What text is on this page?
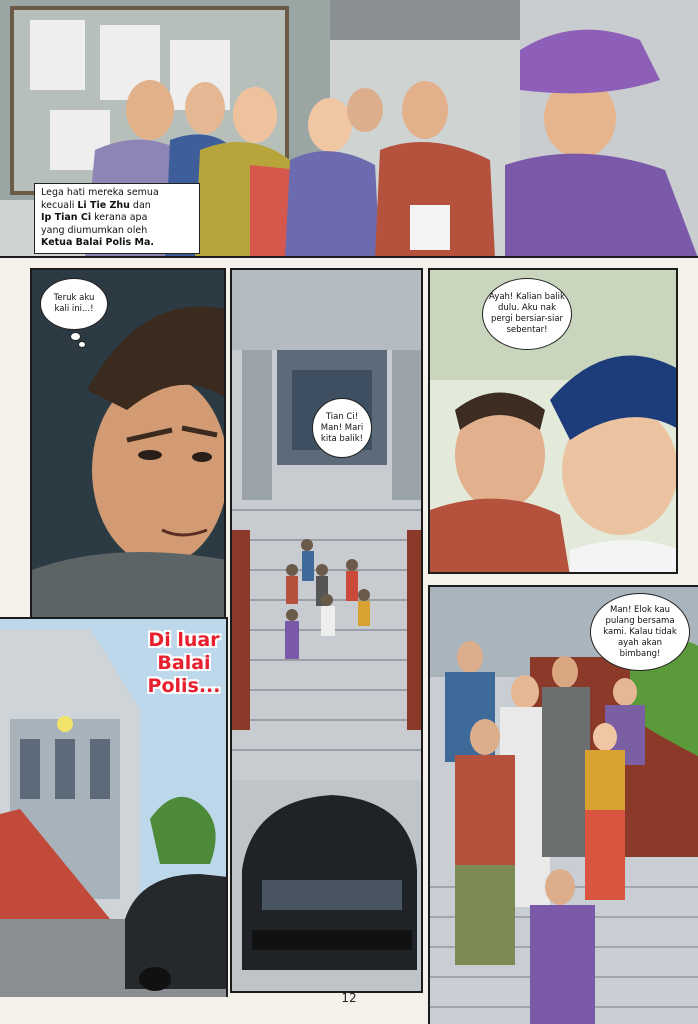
Lega hati mereka semua
kecuali Li Tie Zhu dan
Ip Tian Ci kerana apa
yang diumumkan oleh
Ketua Balai Polis Ma.
Teruk aku kali ini...!
Tian Ci! Man! Mari kita balik!
Ayah! Kalian balik dulu. Aku nak pergi bersiar-siar sebentar!
Di luar
Balai
Polis...
Man! Elok kau pulang bersama kami. Kalau tidak ayah akan bimbang!
12
